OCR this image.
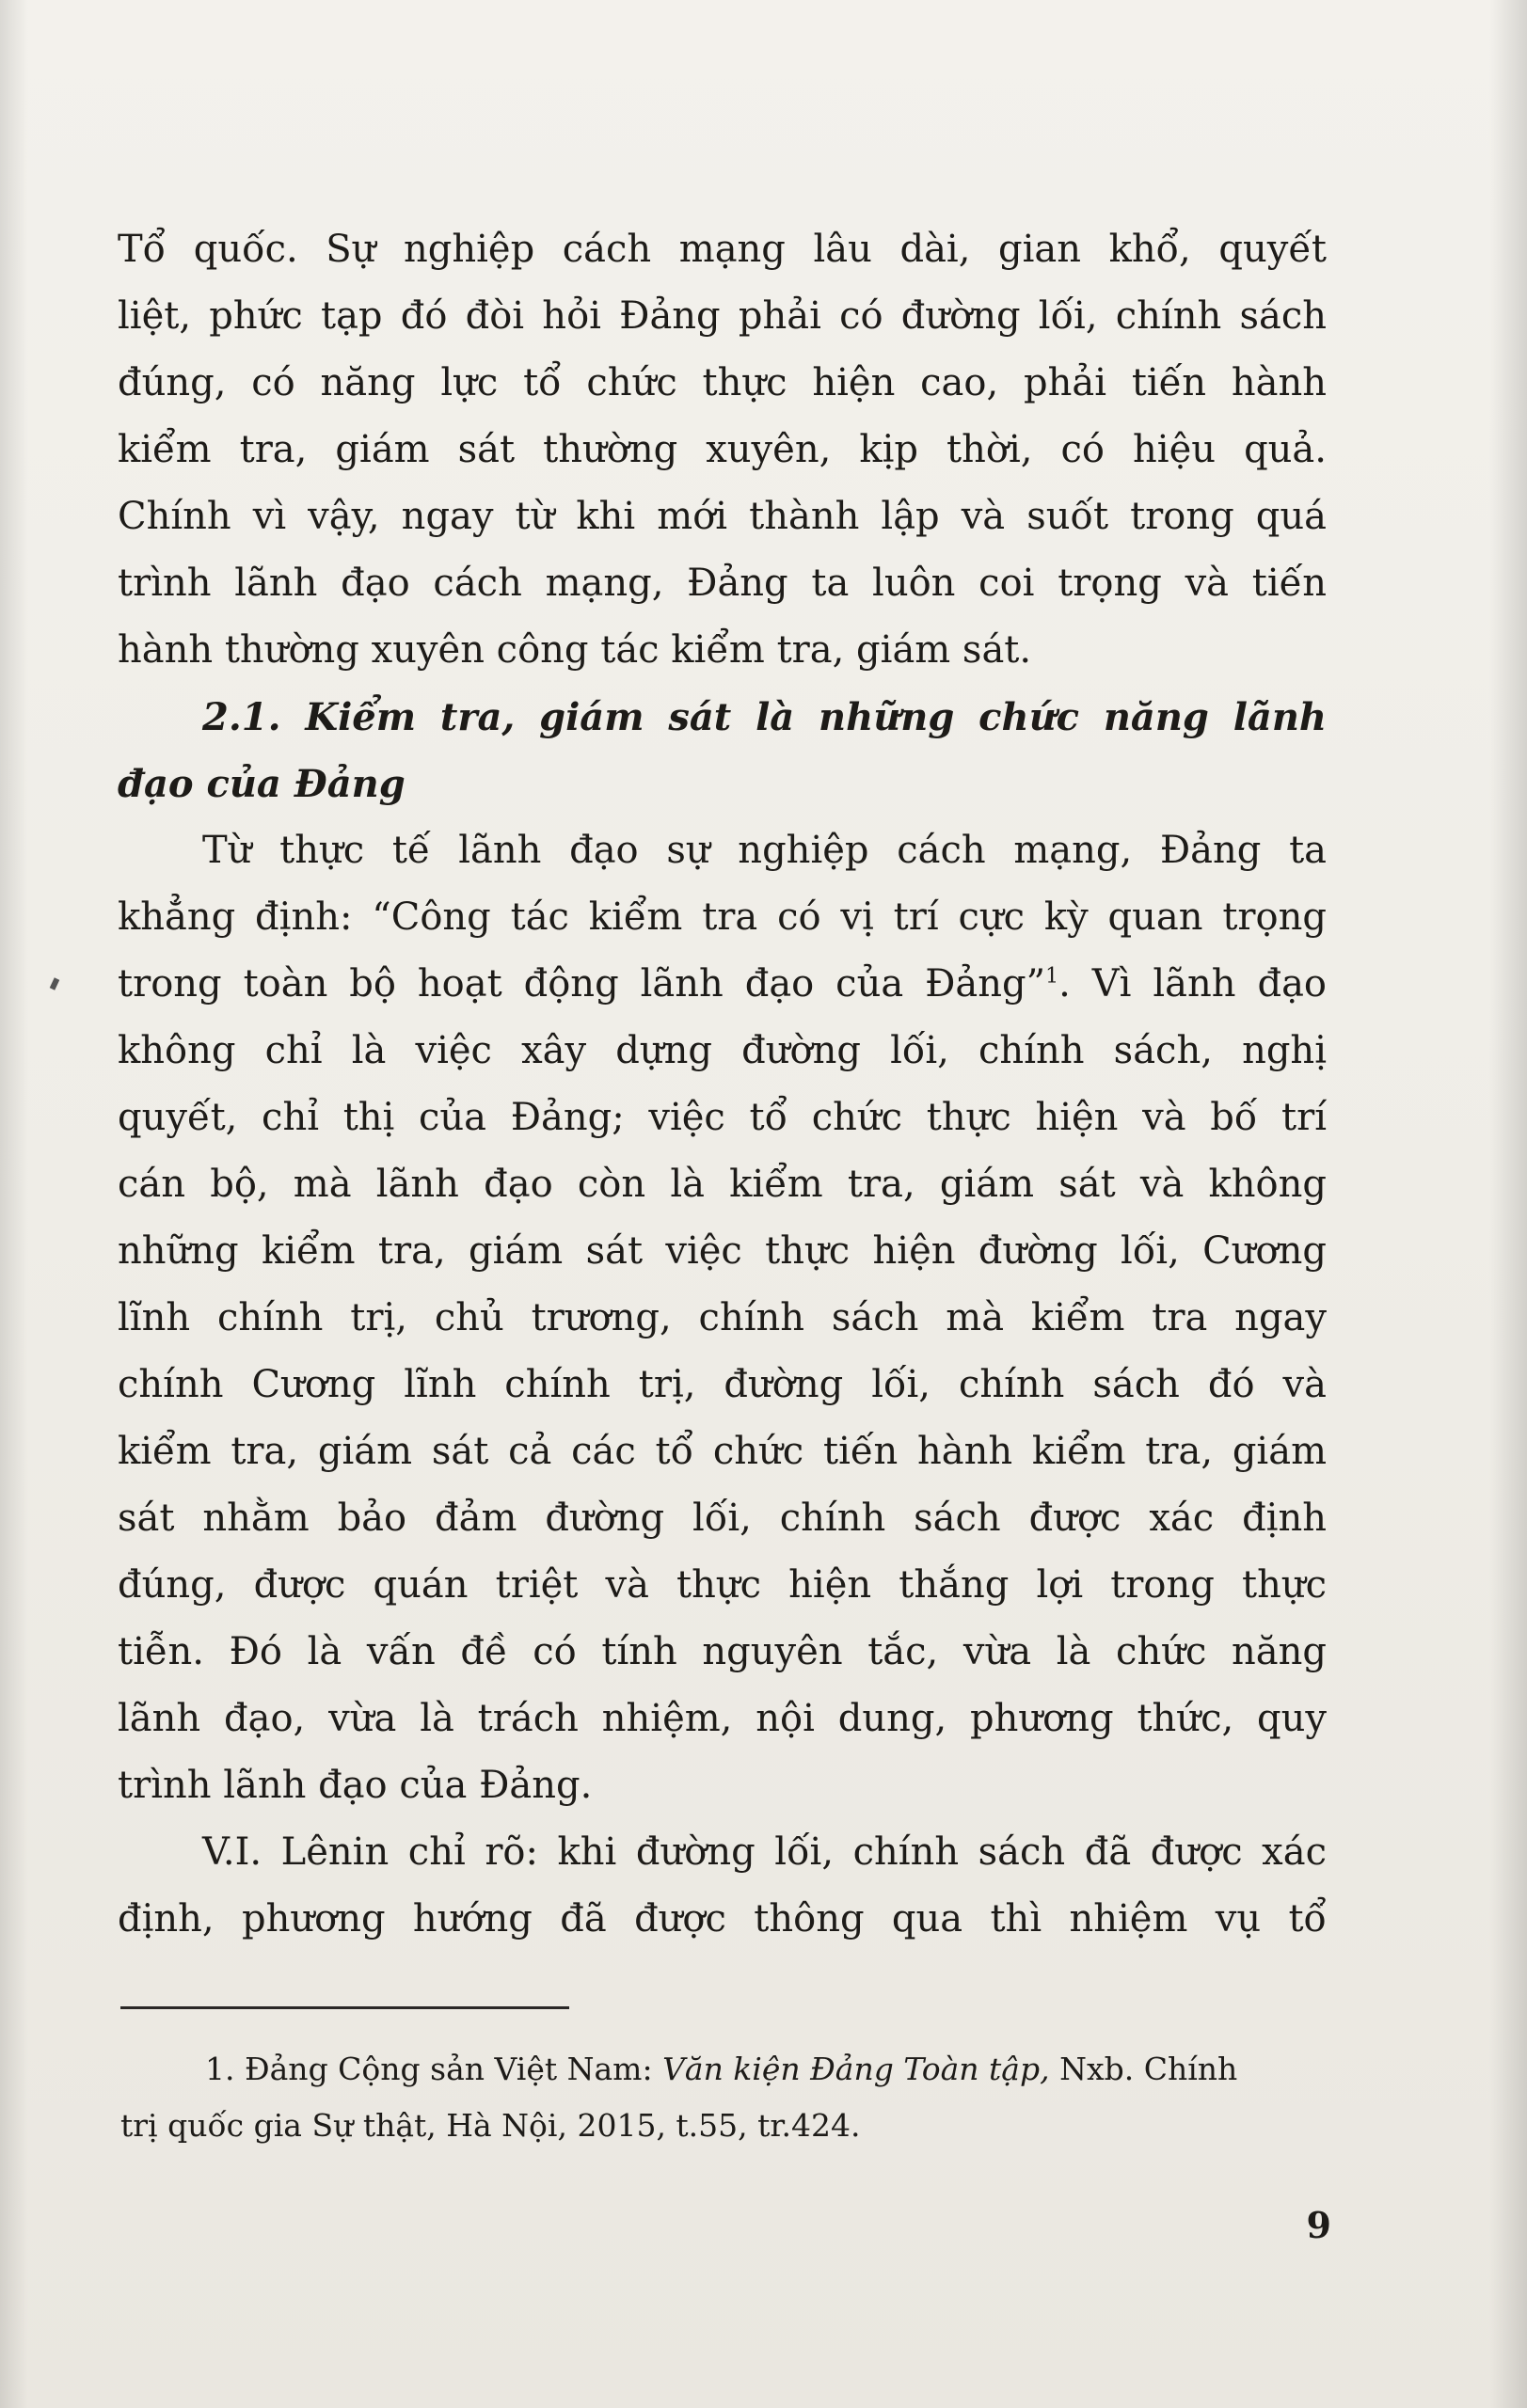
Tổ quốc. Sự nghiệp cách mạng lâu dài, gian khổ, quyết
liệt, phức tạp đó đòi hỏi Đảng phải có đường lối, chính sách
đúng, có năng lực tổ chức thực hiện cao, phải tiến hành
kiểm tra, giám sát thường xuyên, kịp thời, có hiệu quả.
Chính vì vậy, ngay từ khi mới thành lập và suốt trong quá
trình lãnh đạo cách mạng, Đảng ta luôn coi trọng và tiến
hành thường xuyên công tác kiểm tra, giám sát.
2.1. Kiểm tra, giám sát là những chức năng lãnh
đạo của Đảng
Từ thực tế lãnh đạo sự nghiệp cách mạng, Đảng ta
khẳng định: “Công tác kiểm tra có vị trí cực kỳ quan trọng
trong toàn bộ hoạt động lãnh đạo của Đảng”$^1$. Vì lãnh đạo
không chỉ là việc xây dựng đường lối, chính sách, nghị
quyết, chỉ thị của Đảng; việc tổ chức thực hiện và bố trí
cán bộ, mà lãnh đạo còn là kiểm tra, giám sát và không
những kiểm tra, giám sát việc thực hiện đường lối, Cương
lĩnh chính trị, chủ trương, chính sách mà kiểm tra ngay
chính Cương lĩnh chính trị, đường lối, chính sách đó và
kiểm tra, giám sát cả các tổ chức tiến hành kiểm tra, giám
sát nhằm bảo đảm đường lối, chính sách được xác định
đúng, được quán triệt và thực hiện thắng lợi trong thực
tiễn. Đó là vấn đề có tính nguyên tắc, vừa là chức năng
lãnh đạo, vừa là trách nhiệm, nội dung, phương thức, quy
trình lãnh đạo của Đảng.
V.I. Lênin chỉ rõ: khi đường lối, chính sách đã được xác
định, phương hướng đã được thông qua thì nhiệm vụ tổ
1. Đảng Cộng sản Việt Nam: Văn kiện Đảng Toàn tập, Nxb. Chính
trị quốc gia Sự thật, Hà Nội, 2015, t.55, tr.424.
9
